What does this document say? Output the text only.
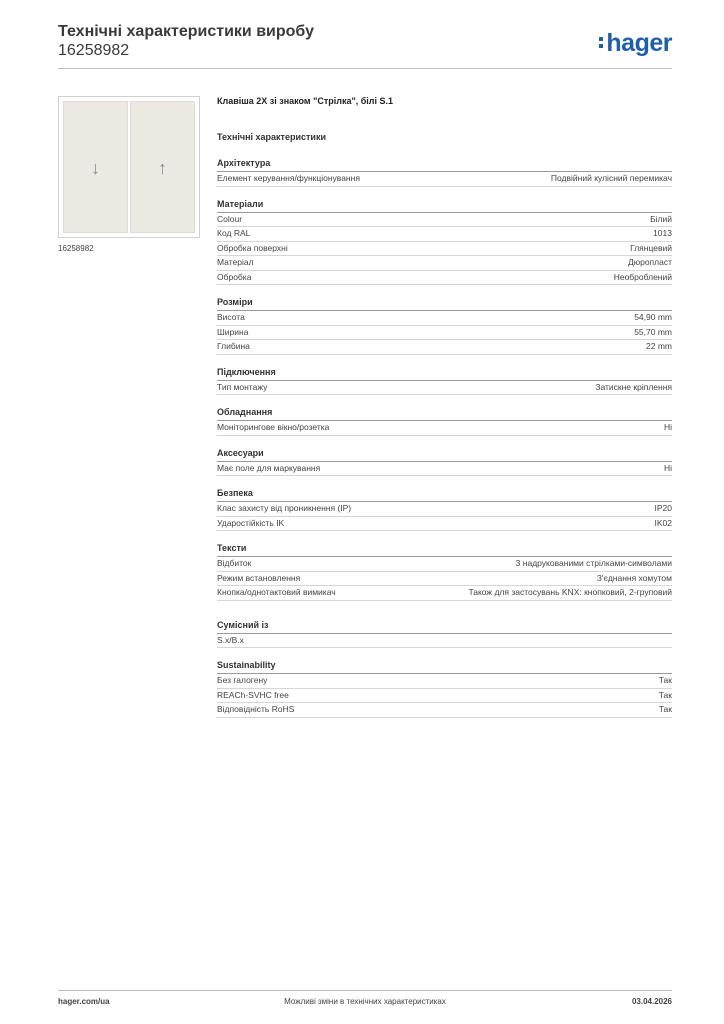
Технічні характеристики виробу

16258982	hager
↓	↑
16258982

Клавіша 2X зі знаком "Стрілка", білі S.1

Технічні характеристики

Архітектура
Елемент керування/функціонування	Подвійний кулісний перемикач
Матеріали
Colour	Білий
Код RAL	1013
Обробка поверхні	Глянцевий
Матеріал	Дюропласт
Обробка	Необроблений
Розміри
Висота	54,90 mm
Ширина	55,70 mm
Глибина	22 mm
Підключення
Тип монтажу	Затискне кріплення
Обладнання
Моніторингове вікно/розетка	Ні
Аксесуари
Має поле для маркування	Ні
Безпека
Клас захисту від проникнення (IP)	IP20
Ударостійкість IK	IK02
Тексти
Відбиток	З надрукованими стрілками-символами
Режим встановлення	З'єднання хомутом
Кнопка/однотактовий вимикач	Також для застосувань KNX: кнопковий, 2-груповий
Сумісний із
S.x/B.x
Sustainability
Без галогену	Так
REACh-SVHC free	Так
Відповідність RoHS	Так
hager.com/ua	Можливі зміни в технічних характеристиках	03.04.2026
